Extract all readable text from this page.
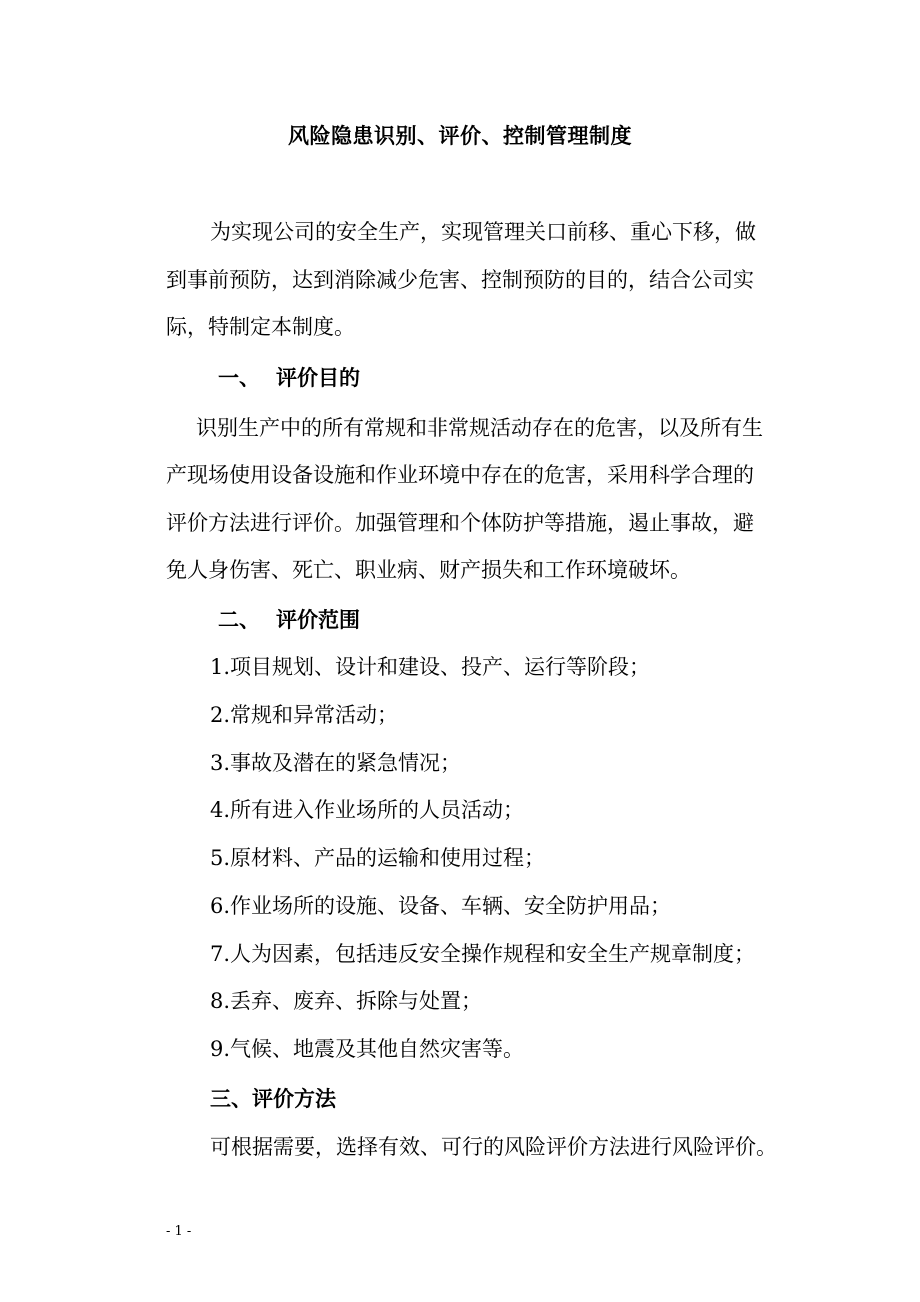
风险隐患识别、评价、控制管理制度
为实现公司的安全生产，实现管理关口前移、重心下移，做
到事前预防，达到消除减少危害、控制预防的目的，结合公司实
际，特制定本制度。
一、 评价目的
识别生产中的所有常规和非常规活动存在的危害，以及所有生
产现场使用设备设施和作业环境中存在的危害，采用科学合理的
评价方法进行评价。加强管理和个体防护等措施，遏止事故，避
免人身伤害、死亡、职业病、财产损失和工作环境破坏。
二、 评价范围
1.项目规划、设计和建设、投产、运行等阶段；
2.常规和异常活动；
3.事故及潜在的紧急情况；
4.所有进入作业场所的人员活动；
5.原材料、产品的运输和使用过程；
6.作业场所的设施、设备、车辆、安全防护用品；
7.人为因素，包括违反安全操作规程和安全生产规章制度；
8.丢弃、废弃、拆除与处置；
9.气候、地震及其他自然灾害等。
三、评价方法
可根据需要，选择有效、可行的风险评价方法进行风险评价。
- 1 -
